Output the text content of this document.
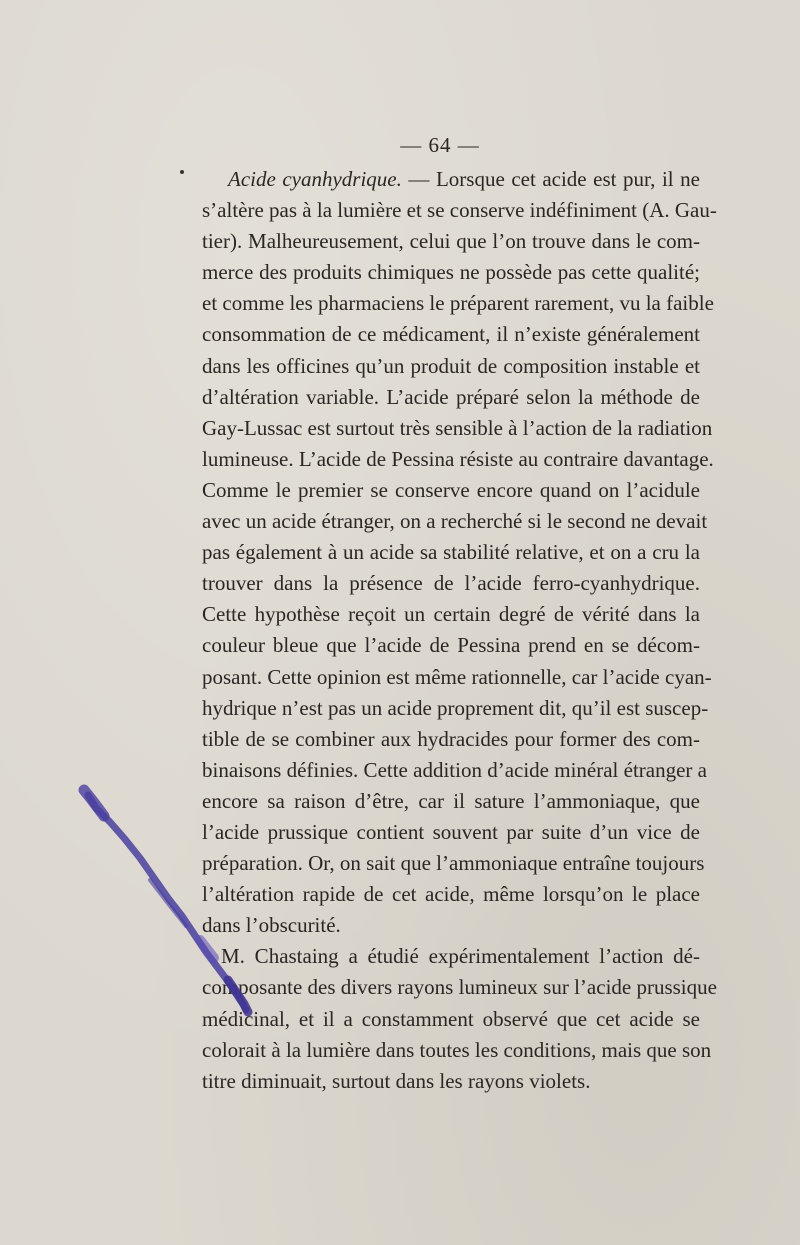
— 64 —
Acide cyanhydrique. — Lorsque cet acide est pur, il ne
s’altère pas à la lumière et se conserve indéfiniment (A. Gau-
tier). Malheureusement, celui que l’on trouve dans le com-
merce des produits chimiques ne possède pas cette qualité;
et comme les pharmaciens le préparent rarement, vu la faible
consommation de ce médicament, il n’existe généralement
dans les officines qu’un produit de composition instable et
d’altération variable. L’acide préparé selon la méthode de
Gay-Lussac est surtout très sensible à l’action de la radiation
lumineuse. L’acide de Pessina résiste au contraire davantage.
Comme le premier se conserve encore quand on l’acidule
avec un acide étranger, on a recherché si le second ne devait
pas également à un acide sa stabilité relative, et on a cru la
trouver dans la présence de l’acide ferro-cyanhydrique.
Cette hypothèse reçoit un certain degré de vérité dans la
couleur bleue que l’acide de Pessina prend en se décom-
posant. Cette opinion est même rationnelle, car l’acide cyan-
hydrique n’est pas un acide proprement dit, qu’il est suscep-
tible de se combiner aux hydracides pour former des com-
binaisons définies. Cette addition d’acide minéral étranger a
encore sa raison d’être, car il sature l’ammoniaque, que
l’acide prussique contient souvent par suite d’un vice de
préparation. Or, on sait que l’ammoniaque entraîne toujours
l’altération rapide de cet acide, même lorsqu’on le place
dans l’obscurité.
M. Chastaing a étudié expérimentalement l’action dé-
composante des divers rayons lumineux sur l’acide prussique
médicinal, et il a constamment observé que cet acide se
colorait à la lumière dans toutes les conditions, mais que son
titre diminuait, surtout dans les rayons violets.
